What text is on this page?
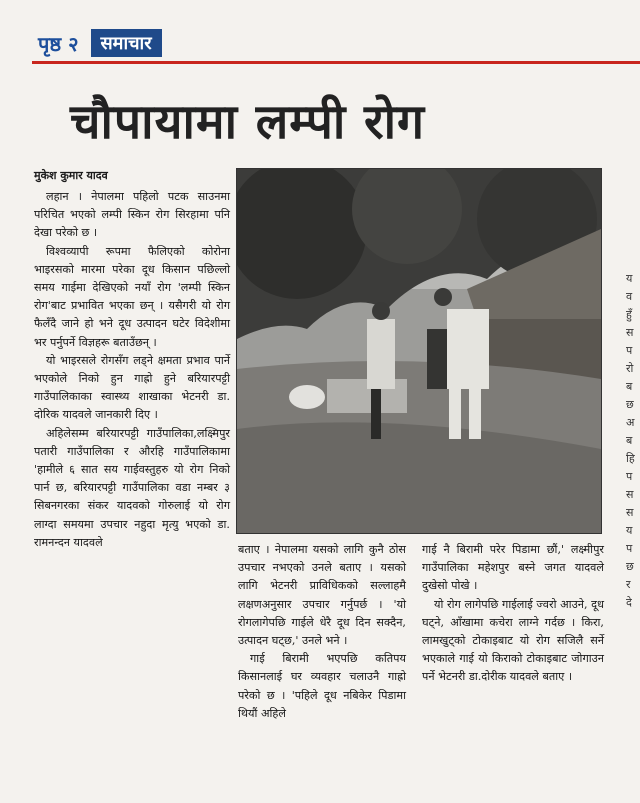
पृष्ठ २	समाचार
चौपायामा लम्पी रोग
मुकेश कुमार यादव

लहान । नेपालमा पहिलो पटक साउनमा परिचित भएको लम्पी स्किन रोग सिरहामा पनि देखा परेको छ ।

विश्वव्यापी रूपमा फैलिएको कोरोना भाइरसको मारमा परेका दूध किसान पछिल्लो समय गाईमा देखिएको नयाँ रोग 'लम्पी स्किन रोग'बाट प्रभावित भएका छन् । यसैगरी यो रोग फैलँदै जाने हो भने दूध उत्पादन घटेर विदेशीमा भर पर्नुपर्ने विज्ञहरू बताउँछन् ।

यो भाइरसले रोगसँग लड्ने क्षमता प्रभाव पार्ने भएकोले निको हुन गाह्रो हुने बरियारपट्टी गाउँपालिकाका स्वास्थ्य शाखाका भेटनरी डा. दोरिक यादवले जानकारी दिए ।

अहिलेसम्म बरियारपट्टी गाउँपालिका,लक्ष्मिपुर पतारी गाउँपालिका र औरहि गाउँपालिकामा 'हामीले ६ सात सय गाईवस्तुहरु यो रोग निको पार्न छ, बरियारपट्टी गाउँपालिका वडा नम्बर ३ सिबनगरका संकर यादवको गोरुलाई यो रोग लाग्दा समयमा उपचार नहुदा मृत्यु भएको डा. रामनन्दन यादवले

बताए । नेपालमा यसको लागि कुनै ठोस उपचार नभएको उनले बताए । यसको लागि भेटनरी प्राविधिकको सल्लाहमै लक्षणअनुसार उपचार गर्नुपर्छ । 'यो रोगलागेपछि गाईले धेरै दूध दिन सक्दैन, उत्पादन घट्छ,' उनले भने ।

गाई बिरामी भएपछि कतिपय किसानलाई घर व्यवहार चलाउनै गाह्रो परेको छ । 'पहिले दूध नबिकेर पिडामा थियौं अहिले

गाई नै बिरामी परेर पिडामा छौं,' लक्ष्मीपुर गाउँपालिका महेशपुर बस्ने जगत यादवले दुखेसो पोखे ।

यो रोग लागेपछि गाईलाई ज्वरो आउने, दूध घट्ने, आँखामा कचेरा लाग्ने गर्दछ । किरा, लामखुट्को टोकाइबाट यो रोग सजिलै सर्ने भएकाले गाई यो किराको टोकाइबाट जोगाउन पर्ने भेटनरी डा.दोरीक यादवले बताए ।

य
व
हुँ
स
प
रो
ब
छ
अ
ब
हि
प
स
स
य
प
छ
र
दे
